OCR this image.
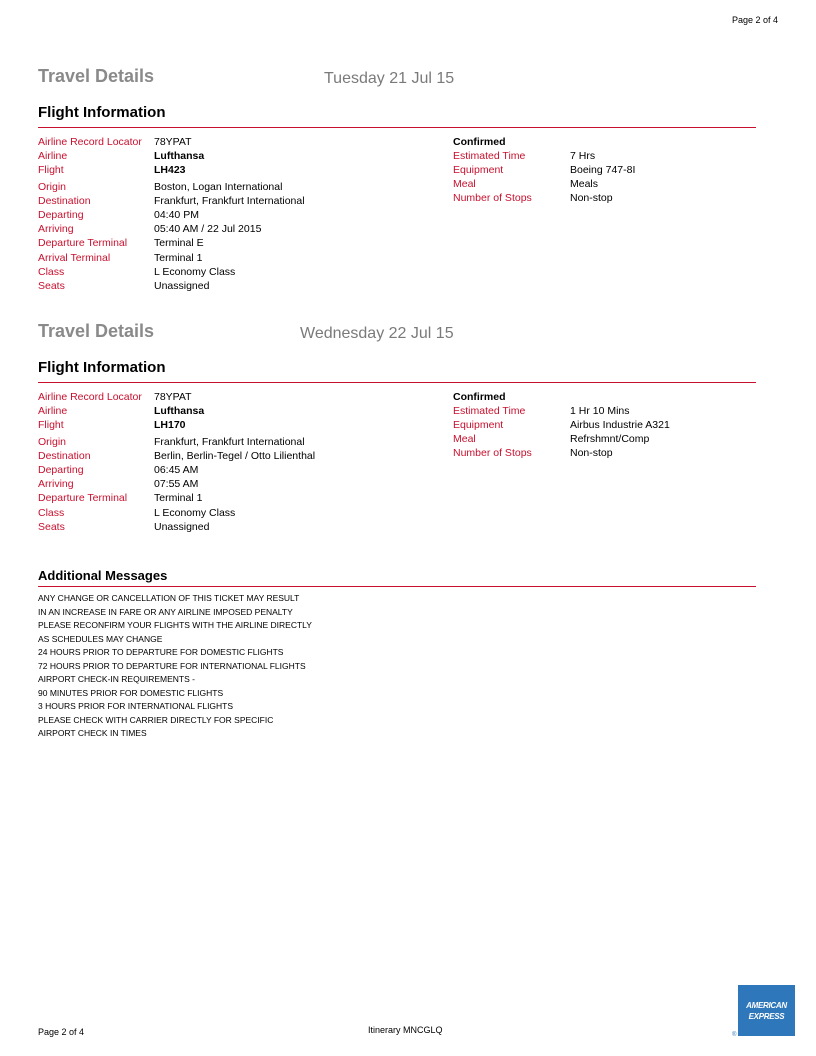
Page 2 of 4
Travel Details	Tuesday 21 Jul 15
Flight Information
Airline Record Locator 78YPAT
Airline	Lufthansa
Flight	LH423
Origin	Boston, Logan International
Destination	Frankfurt, Frankfurt International
Departing	04:40 PM
Arriving	05:40 AM / 22 Jul 2015
Departure Terminal	Terminal E
Arrival Terminal	Terminal 1
Class	L Economy Class
Seats	Unassigned
Confirmed
Estimated Time	7 Hrs
Equipment	Boeing 747-8I
Meal	Meals
Number of Stops	Non-stop
Travel Details	Wednesday 22 Jul 15
Flight Information
Airline Record Locator 78YPAT
Airline	Lufthansa
Flight	LH170
Origin	Frankfurt, Frankfurt International
Destination	Berlin, Berlin-Tegel / Otto Lilienthal
Departing	06:45 AM
Arriving	07:55 AM
Departure Terminal	Terminal 1
Class	L Economy Class
Seats	Unassigned
Confirmed
Estimated Time	1 Hr 10 Mins
Equipment	Airbus Industrie A321
Meal	Refrshmnt/Comp
Number of Stops	Non-stop
Additional Messages
ANY CHANGE OR CANCELLATION OF THIS TICKET MAY RESULT
IN AN INCREASE IN FARE OR ANY AIRLINE IMPOSED PENALTY
PLEASE RECONFIRM YOUR FLIGHTS WITH THE AIRLINE DIRECTLY
AS SCHEDULES MAY CHANGE
24 HOURS PRIOR TO DEPARTURE FOR DOMESTIC FLIGHTS
72 HOURS PRIOR TO DEPARTURE FOR INTERNATIONAL FLIGHTS
AIRPORT CHECK-IN REQUIREMENTS -
90 MINUTES PRIOR FOR DOMESTIC FLIGHTS
3 HOURS PRIOR FOR INTERNATIONAL FLIGHTS
PLEASE CHECK WITH CARRIER DIRECTLY FOR SPECIFIC
AIRPORT CHECK IN TIMES
Page 2 of 4	Itinerary MNCGLQ
AMERICAN
EXPRESS
®
